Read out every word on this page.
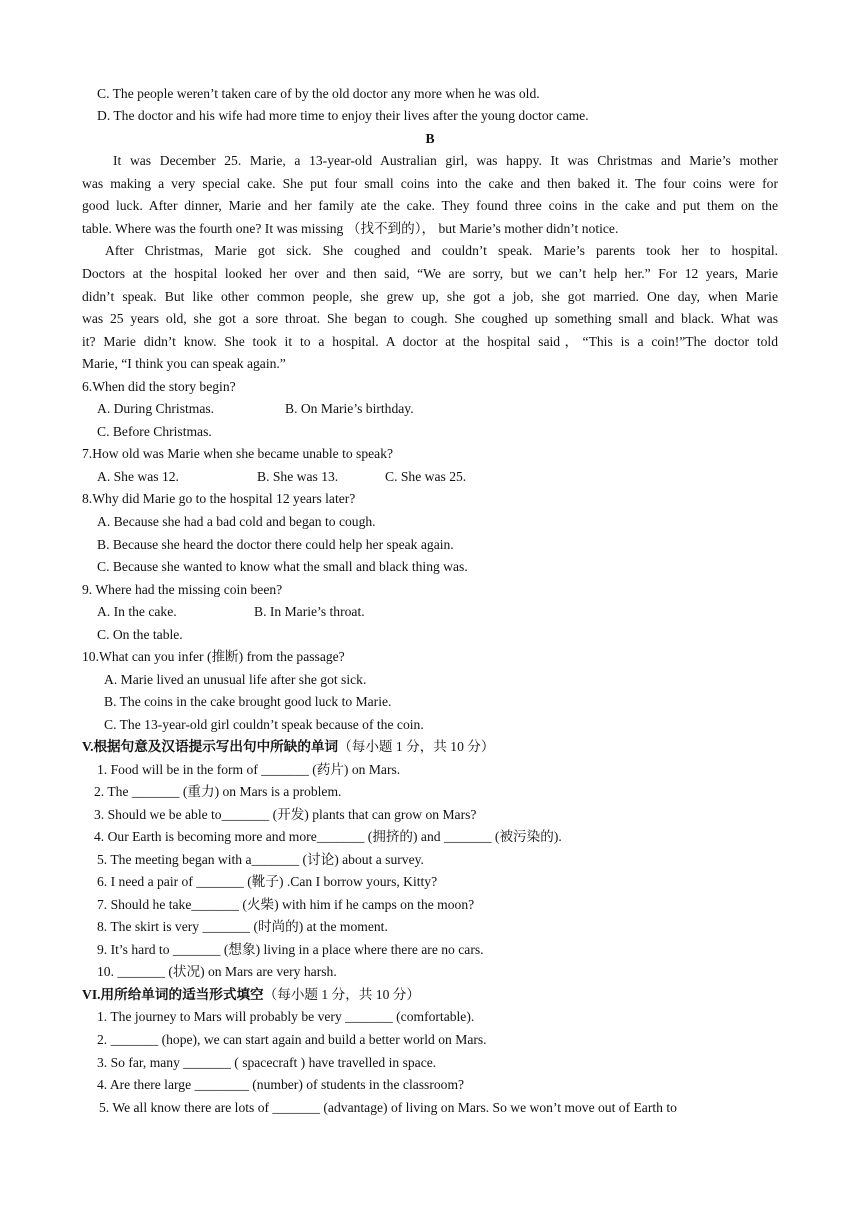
C. The people weren’t taken care of by the old doctor any more when he was old.
D. The doctor and his wife had more time to enjoy their lives after the young doctor came.
B
It was December 25. Marie, a 13-year-old Australian girl, was happy. It was Christmas and Marie’s mother
was making a very special cake. She put four small coins into the cake and then baked it. The four coins were for
good luck. After dinner, Marie and her family ate the cake. They found three coins in the cake and put them on the
table. Where was the fourth one? It was missing （找不到的）， but Marie’s mother didn’t notice.
After Christmas, Marie got sick. She coughed and couldn’t speak. Marie’s parents took her to hospital.
Doctors at the hospital looked her over and then said, “We are sorry, but we can’t help her.” For 12 years, Marie
didn’t speak. But like other common people, she grew up, she got a job, she got married. One day, when Marie
was 25 years old, she got a sore throat. She began to cough. She coughed up something small and black. What was
it? Marie didn’t know. She took it to a hospital. A doctor at the hospital said，“This is a coin!”The doctor told
Marie, “I think you can speak again.”
6.When did the story begin?
A. During Christmas.	B. On Marie’s birthday.
C. Before Christmas.
7.How old was Marie when she became unable to speak?
A. She was 12.	B. She was 13.	C. She was 25.
8.Why did Marie go to the hospital 12 years later?
A. Because she had a bad cold and began to cough.
B. Because she heard the doctor there could help her speak again.
C. Because she wanted to know what the small and black thing was.
9. Where had the missing coin been?
A. In the cake.	B. In Marie’s throat.
C. On the table.
10.What can you infer (推断) from the passage?
A. Marie lived an unusual life after she got sick.
B. The coins in the cake brought good luck to Marie.
C. The 13-year-old girl couldn’t speak because of the coin.
V.根据句意及汉语提示写出句中所缺的单词（每小题 1 分，共 10 分）
1. Food will be in the form of _______ (药片) on Mars.
2. The _______ (重力) on Mars is a problem.
3. Should we be able to_______ (开发) plants that can grow on Mars?
4. Our Earth is becoming more and more_______ (拥挤的) and _______ (被污染的).
5. The meeting began with a_______ (讨论) about a survey.
6. I need a pair of _______ (靴子) .Can I borrow yours, Kitty?
7. Should he take_______ (火柴) with him if he camps on the moon?
8. The skirt is very _______ (时尚的) at the moment.
9. It’s hard to _______ (想象) living in a place where there are no cars.
10. _______ (状况) on Mars are very harsh.
VI.用所给单词的适当形式填空（每小题 1 分，共 10 分）
1. The journey to Mars will probably be very _______ (comfortable).
2. _______ (hope), we can start again and build a better world on Mars.
3. So far, many _______ ( spacecraft ) have travelled in space.
4. Are there large ________ (number) of students in the classroom?
5. We all know there are lots of _______ (advantage) of living on Mars. So we won’t move out of Earth to
